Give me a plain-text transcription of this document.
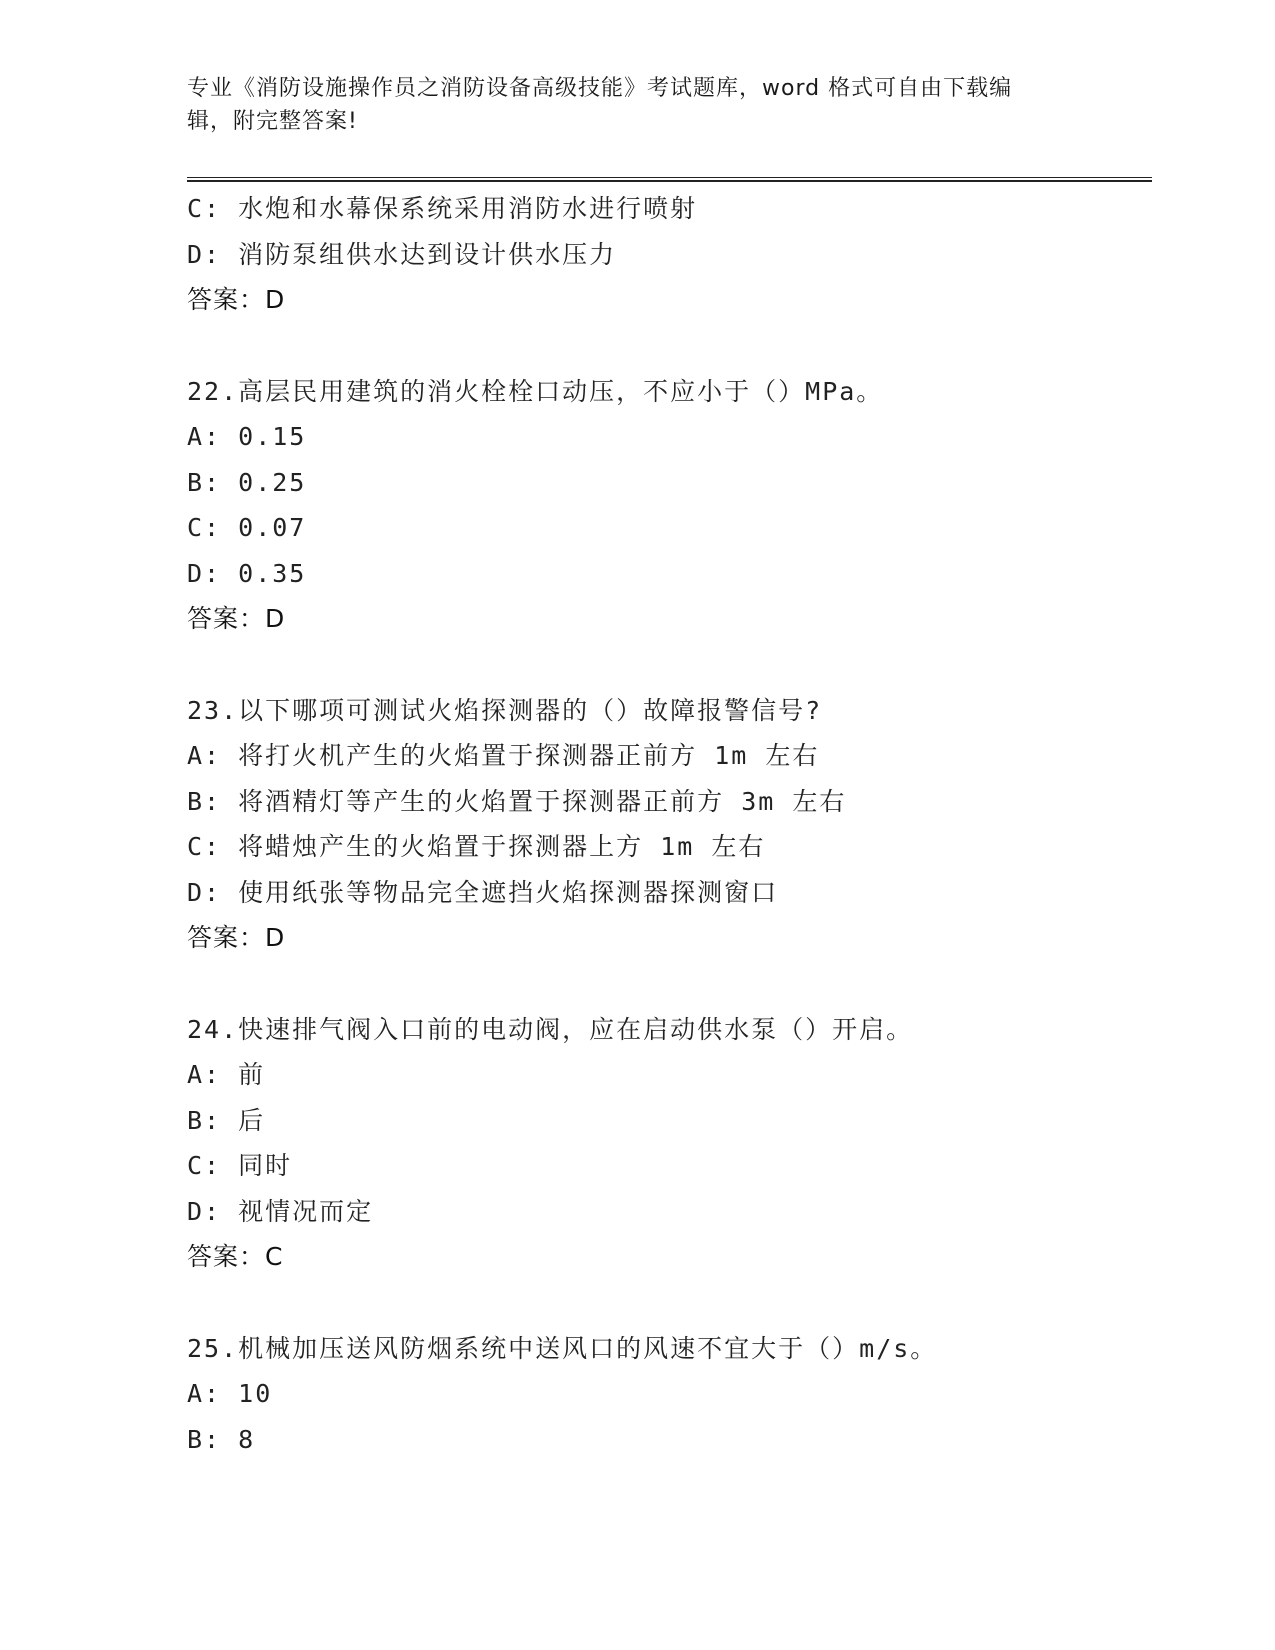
专业《消防设施操作员之消防设备高级技能》考试题库，word 格式可自由下载编
辑，附完整答案!
C: 水炮和水幕保系统采用消防水进行喷射
D: 消防泵组供水达到设计供水压力
答案：D
22.高层民用建筑的消火栓栓口动压，不应小于（）MPa。
A: 0.15
B: 0.25
C: 0.07
D: 0.35
答案：D
23.以下哪项可测试火焰探测器的（）故障报警信号?
A: 将打火机产生的火焰置于探测器正前方 1m 左右
B: 将酒精灯等产生的火焰置于探测器正前方 3m 左右
C: 将蜡烛产生的火焰置于探测器上方 1m 左右
D: 使用纸张等物品完全遮挡火焰探测器探测窗口
答案：D
24.快速排气阀入口前的电动阀，应在启动供水泵（）开启。
A: 前
B: 后
C: 同时
D: 视情况而定
答案：C
25.机械加压送风防烟系统中送风口的风速不宜大于（）m/s。
A: 10
B: 8
